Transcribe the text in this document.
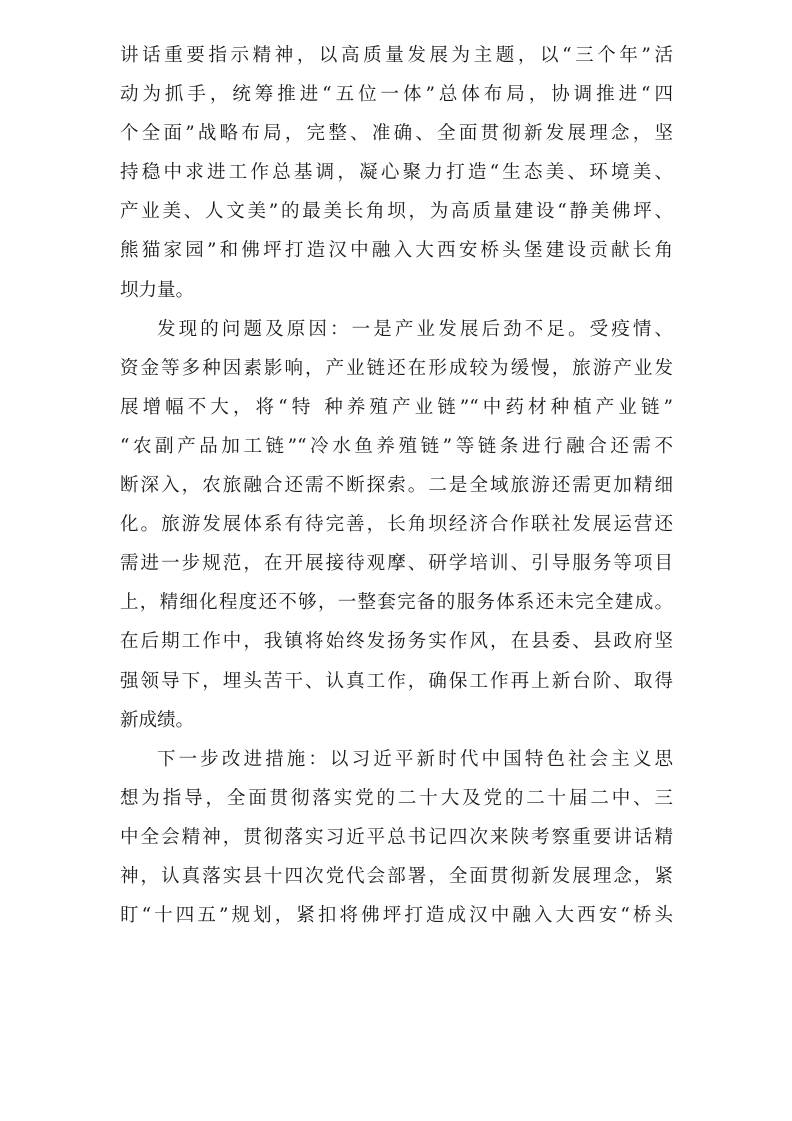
讲话重要指示精神，以高质量发展为主题，以“三个年”活
动为抓手，统筹推进“五位一体”总体布局，协调推进“四
个全面”战略布局，完整、准确、全面贯彻新发展理念，坚
持稳中求进工作总基调，凝心聚力打造“生态美、环境美、
产业美、人文美”的最美长角坝，为高质量建设“静美佛坪、
熊猫家园”和佛坪打造汉中融入大西安桥头堡建设贡献长角
坝力量。
发现的问题及原因：一是产业发展后劲不足。受疫情、
资金等多种因素影响，产业链还在形成较为缓慢，旅游产业发
展增幅不大，将“特 种养殖产业链”“中药材种植产业链”
“农副产品加工链”“冷水鱼养殖链”等链条进行融合还需不
断深入，农旅融合还需不断探索。二是全域旅游还需更加精细
化。旅游发展体系有待完善，长角坝经济合作联社发展运营还
需进一步规范，在开展接待观摩、研学培训、引导服务等项目
上，精细化程度还不够，一整套完备的服务体系还未完全建成。
在后期工作中，我镇将始终发扬务实作风，在县委、县政府坚
强领导下，埋头苦干、认真工作，确保工作再上新台阶、取得
新成绩。
下一步改进措施：以习近平新时代中国特色社会主义思
想为指导，全面贯彻落实党的二十大及党的二十届二中、三
中全会精神，贯彻落实习近平总书记四次来陕考察重要讲话精
神，认真落实县十四次党代会部署，全面贯彻新发展理念，紧
盯“十四五”规划，紧扣将佛坪打造成汉中融入大西安“桥头
